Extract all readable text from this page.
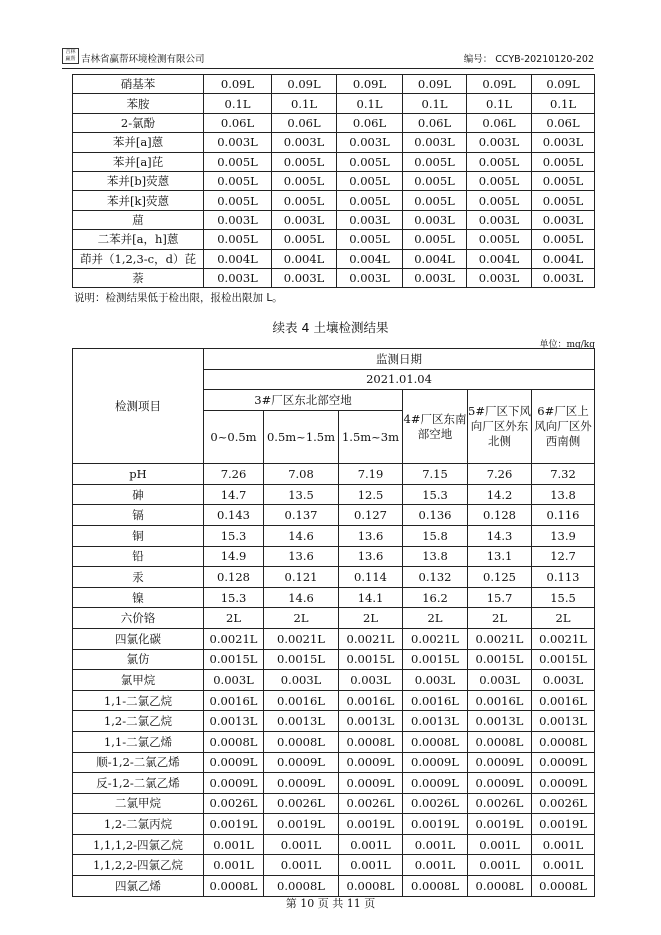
吉林
赢帮 吉林省赢帮环境检测有限公司	编号： CCYB-20210120-202
硝基苯	0.09L	0.09L	0.09L	0.09L	0.09L	0.09L
苯胺	0.1L	0.1L	0.1L	0.1L	0.1L	0.1L
2-氯酚	0.06L	0.06L	0.06L	0.06L	0.06L	0.06L
苯并[a]蒽	0.003L	0.003L	0.003L	0.003L	0.003L	0.003L
苯并[a]芘	0.005L	0.005L	0.005L	0.005L	0.005L	0.005L
苯并[b]荧蒽	0.005L	0.005L	0.005L	0.005L	0.005L	0.005L
苯并[k]荧蒽	0.005L	0.005L	0.005L	0.005L	0.005L	0.005L
䓛	0.003L	0.003L	0.003L	0.003L	0.003L	0.003L
二苯并[a，h]蒽	0.005L	0.005L	0.005L	0.005L	0.005L	0.005L
茚并（1,2,3-c，d）芘	0.004L	0.004L	0.004L	0.004L	0.004L	0.004L
萘	0.003L	0.003L	0.003L	0.003L	0.003L	0.003L
说明：检测结果低于检出限，报检出限加 L。
续表 4 土壤检测结果
单位：mg/kg
检测项目	监测日期					
	2021.01.04					
	3#厂区东北部空地			4#厂区东南部空地	5#厂区下风向厂区外东北侧	6#厂区上风向厂区外西南侧
	0~0.5m	0.5m~1.5m	1.5m~3m			
pH	7.26	7.08	7.19	7.15	7.26	7.32
砷	14.7	13.5	12.5	15.3	14.2	13.8
镉	0.143	0.137	0.127	0.136	0.128	0.116
铜	15.3	14.6	13.6	15.8	14.3	13.9
铅	14.9	13.6	13.6	13.8	13.1	12.7
汞	0.128	0.121	0.114	0.132	0.125	0.113
镍	15.3	14.6	14.1	16.2	15.7	15.5
六价铬	2L	2L	2L	2L	2L	2L
四氯化碳	0.0021L	0.0021L	0.0021L	0.0021L	0.0021L	0.0021L
氯仿	0.0015L	0.0015L	0.0015L	0.0015L	0.0015L	0.0015L
氯甲烷	0.003L	0.003L	0.003L	0.003L	0.003L	0.003L
1,1-二氯乙烷	0.0016L	0.0016L	0.0016L	0.0016L	0.0016L	0.0016L
1,2-二氯乙烷	0.0013L	0.0013L	0.0013L	0.0013L	0.0013L	0.0013L
1,1-二氯乙烯	0.0008L	0.0008L	0.0008L	0.0008L	0.0008L	0.0008L
顺-1,2-二氯乙烯	0.0009L	0.0009L	0.0009L	0.0009L	0.0009L	0.0009L
反-1,2-二氯乙烯	0.0009L	0.0009L	0.0009L	0.0009L	0.0009L	0.0009L
二氯甲烷	0.0026L	0.0026L	0.0026L	0.0026L	0.0026L	0.0026L
1,2-二氯丙烷	0.0019L	0.0019L	0.0019L	0.0019L	0.0019L	0.0019L
1,1,1,2-四氯乙烷	0.001L	0.001L	0.001L	0.001L	0.001L	0.001L
1,1,2,2-四氯乙烷	0.001L	0.001L	0.001L	0.001L	0.001L	0.001L
四氯乙烯	0.0008L	0.0008L	0.0008L	0.0008L	0.0008L	0.0008L
第 10 页 共 11 页
